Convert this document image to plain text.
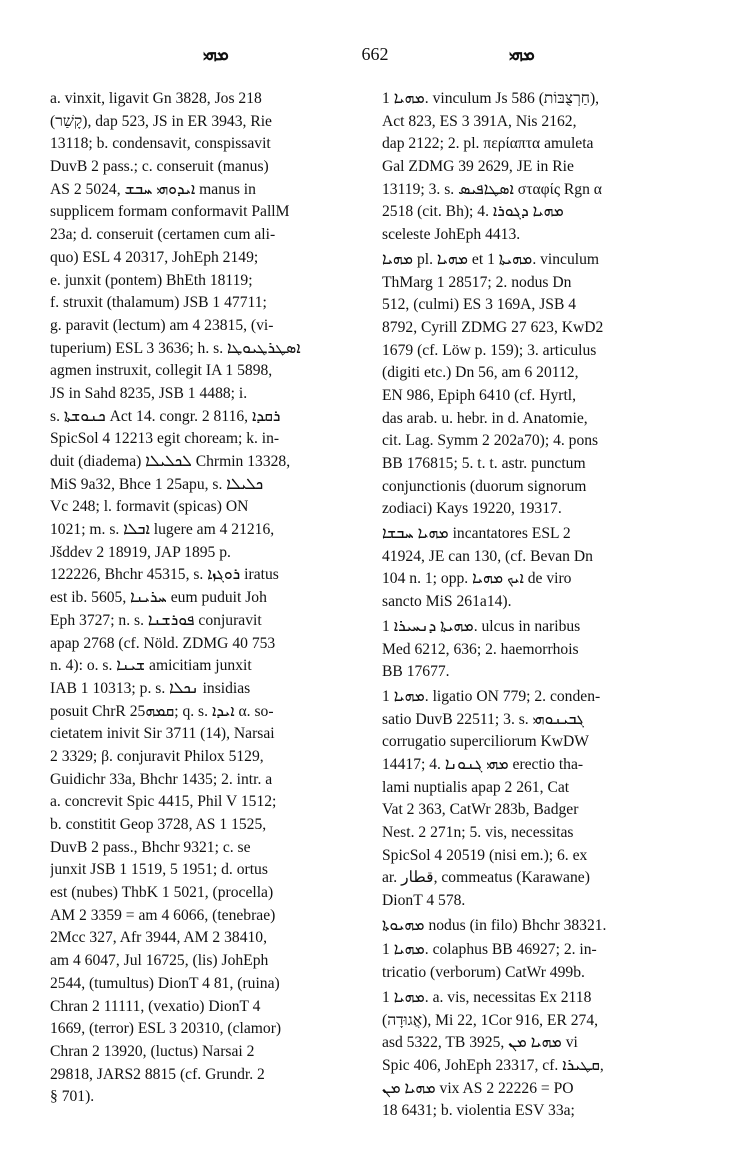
ܡܗܝ	662	ܡܗܝ
a. vinxit, ligavit Gn 3828, Jos 218
(קָשַׁר), dap 523, JS in ER 3943, Rie
13118; b. condensavit, conspissavit
DuvB 2 pass.; c. conseruit (manus)
AS 2 5024, ܐܝܕܘܗܝ ܚܒܫ manus in
supplicem formam conformavit PallM
23a; d. conseruit (certamen cum ali-
quo) ESL 4 20317, JohEph 2149;
e. junxit (pontem) BhEth 18119;
f. struxit (thalamum) JSB 1 47711;
g. paravit (lectum) am 4 23815, (vi-
tuperium) ESL 3 3636; h. s. ܐܣܛܪܛܝܘܛܐ
agmen instruxit, collegit IA 1 5898,
JS in Sahd 8235, JSB 1 4488; i.
s. ܟܢܘܫܬܐ Act 14. congr. 2 8116, ܪܩܕܐ
SpicSol 4 12213 egit choream; k. in-
duit (diadema) ܠܟܠܝܠܐ Chrmin 13328,
MiS 9a32, Bhce 1 25apu, s. ܟܠܝܠܐ
Vc 248; l. formavit (spicas) ON
1021; m. s. ܐܒܠܐ lugere am 4 21216,
Jšddev 2 18919, JAP 1895 p.
122226, Bhchr 45315, s. ܪܘܓܙܐ iratus
est ib. 5605, ܚܪܝܢܐ eum puduit Joh
Eph 3727; n. s. ܦܘܪܫܢܐ conjuravit
apap 2768 (cf. Nöld. ZDMG 40 753
n. 4): o. s. ܫܝܢܐ amicitiam junxit
IAB 1 10313; p. s. ܢܟܠܐ insidias
posuit ChrR ܩܡܗ25; q. s. ܐܝܕܐ α. so-
cietatem inivit Sir 3711 (14), Narsai
2 3329; β. conjuravit Philox 5129,
Guidichr 33a, Bhchr 1435; 2. intr. a
a. concrevit Spic 4415, Phil V 1512;
b. constitit Geop 3728, AS 1 1525,
DuvB 2 pass., Bhchr 9321; c. se
junxit JSB 1 1519, 5 1951; d. ortus
est (nubes) ThbK 1 5021, (procella)
AM 2 3359 = am 4 6066, (tenebrae)
2Mcc 327, Afr 3944, AM 2 38410,
am 4 6047, Jul 16725, (lis) JohEph
2544, (tumultus) DionT 4 81, (ruina)
Chran 2 11111, (vexatio) DionT 4
1669, (terror) ESL 3 20310, (clamor)
Chran 2 13920, (luctus) Narsai 2
29818, JARS2 8815 (cf. Grundr. 2
§ 701).
ܡܗܝܐ 1. vinculum Js 586 (חַרְצֻבּוֹת),
Act 823, ES 3 391A, Nis 2162,
dap 2122; 2. pl. περίαπτα amuleta
Gal ZDMG 39 2629, JE in Rie
13119; 3. s. ܐܣܛܐܦܝܣ σταφίς Rgn α
2518 (cit. Bh); 4. ܡܗܝܐ ܕܓܘܪܐ
sceleste JohEph 4413.
ܡܗܝܐ pl. ܡܗܝܐ et ܡܗܝܬܐ 1. vinculum
ThMarg 1 28517; 2. nodus Dn
512, (culmi) ES 3 169A, JSB 4
8792, Cyrill ZDMG 27 623, KwD2
1679 (cf. Löw p. 159); 3. articulus
(digiti etc.) Dn 56, am 6 20112,
EN 986, Epiph 6410 (cf. Hyrtl,
das arab. u. hebr. in d. Anatomie,
cit. Lag. Symm 2 202a70); 4. pons
BB 176815; 5. t. t. astr. punctum
conjunctionis (duorum signorum
zodiaci) Kays 19220, 19317.
ܡܗܝܐ ܚܒܫܐ incantatores ESL 2
41924, JE can 130, (cf. Bevan Dn
104 n. 1; opp. ܐܝܟ ܡܗܝܐ de viro
sancto MiS 261a14).
ܡܗܝܬܐ ܕܢܚܝܪܐ 1. ulcus in naribus
Med 6212, 636; 2. haemorrhois
BB 17677.
ܡܗܝܐ 1. ligatio ON 779; 2. conden-
satio DuvB 22511; 3. s. ܓܒܝܢܘܗܝ
corrugatio superciliorum KwDW
14417; 4. ܡܗܝ ܓܢܘܢܐ erectio tha-
lami nuptialis apap 2 261, Cat
Vat 2 363, CatWr 283b, Badger
Nest. 2 271n; 5. vis, necessitas
SpicSol 4 20519 (nisi em.); 6. ex
ar. قطار, commeatus (Karawane)
DionT 4 578.
ܡܗܝܘܬܐ nodus (in filo) Bhchr 38321.
ܡܗܝܐ 1. colaphus BB 46927; 2. in-
tricatio (verborum) CatWr 499b.
ܡܗܝܐ 1. a. vis, necessitas Ex 2118
(אֲגוּדָה), Mi 22, 1Cor 916, ER 274,
asd 5322, TB 3925, ܡܗܝܐ ܡܢ vi
Spic 406, JohEph 23317, cf. ܩܛܝܪܐ,
ܡܗܝܐ ܡܢ vix AS 2 22226 = PO
18 6431; b. violentia ESV 33a;
